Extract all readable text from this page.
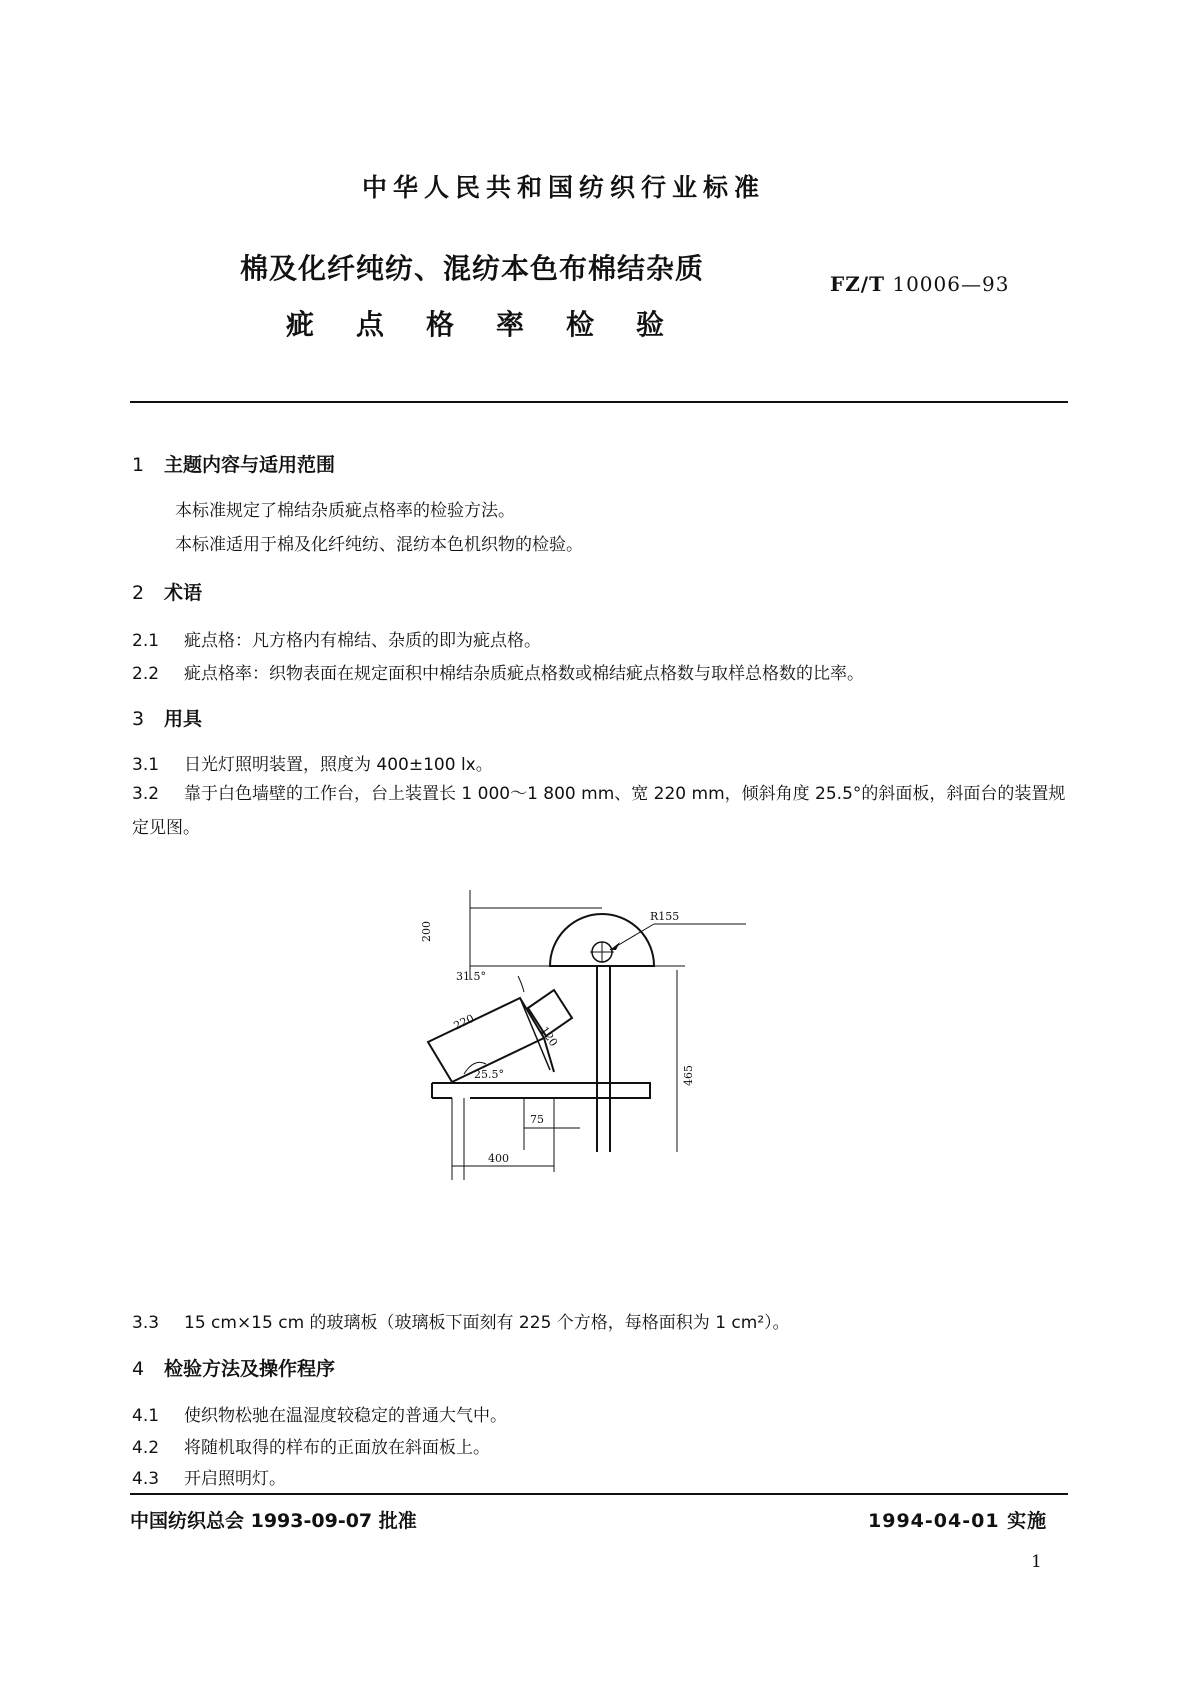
中华人民共和国纺织行业标准
棉及化纤纯纺、混纺本色布棉结杂质
疵点格率检验
FZ/T 10006—93
1 主题内容与适用范围
本标准规定了棉结杂质疵点格率的检验方法。
本标准适用于棉及化纤纯纺、混纺本色机织物的检验。
2 术语
2.1 疵点格：凡方格内有棉结、杂质的即为疵点格。
2.2 疵点格率：织物表面在规定面积中棉结杂质疵点格数或棉结疵点格数与取样总格数的比率。
3 用具
3.1 日光灯照明装置，照度为 400±100 lx。
3.2 靠于白色墙壁的工作台，台上装置长 1 000～1 800 mm、宽 220 mm，倾斜角度 25.5°的斜面板，斜面台的装置规定见图。
R155
200
31.5°
120
465
220
25.5°
75
400
3.3 15 cm×15 cm 的玻璃板（玻璃板下面刻有 225 个方格，每格面积为 1 cm²）。
4 检验方法及操作程序
4.1 使织物松驰在温湿度较稳定的普通大气中。
4.2 将随机取得的样布的正面放在斜面板上。
4.3 开启照明灯。
中国纺织总会 1993-09-07 批准	1994-04-01 实施
1
